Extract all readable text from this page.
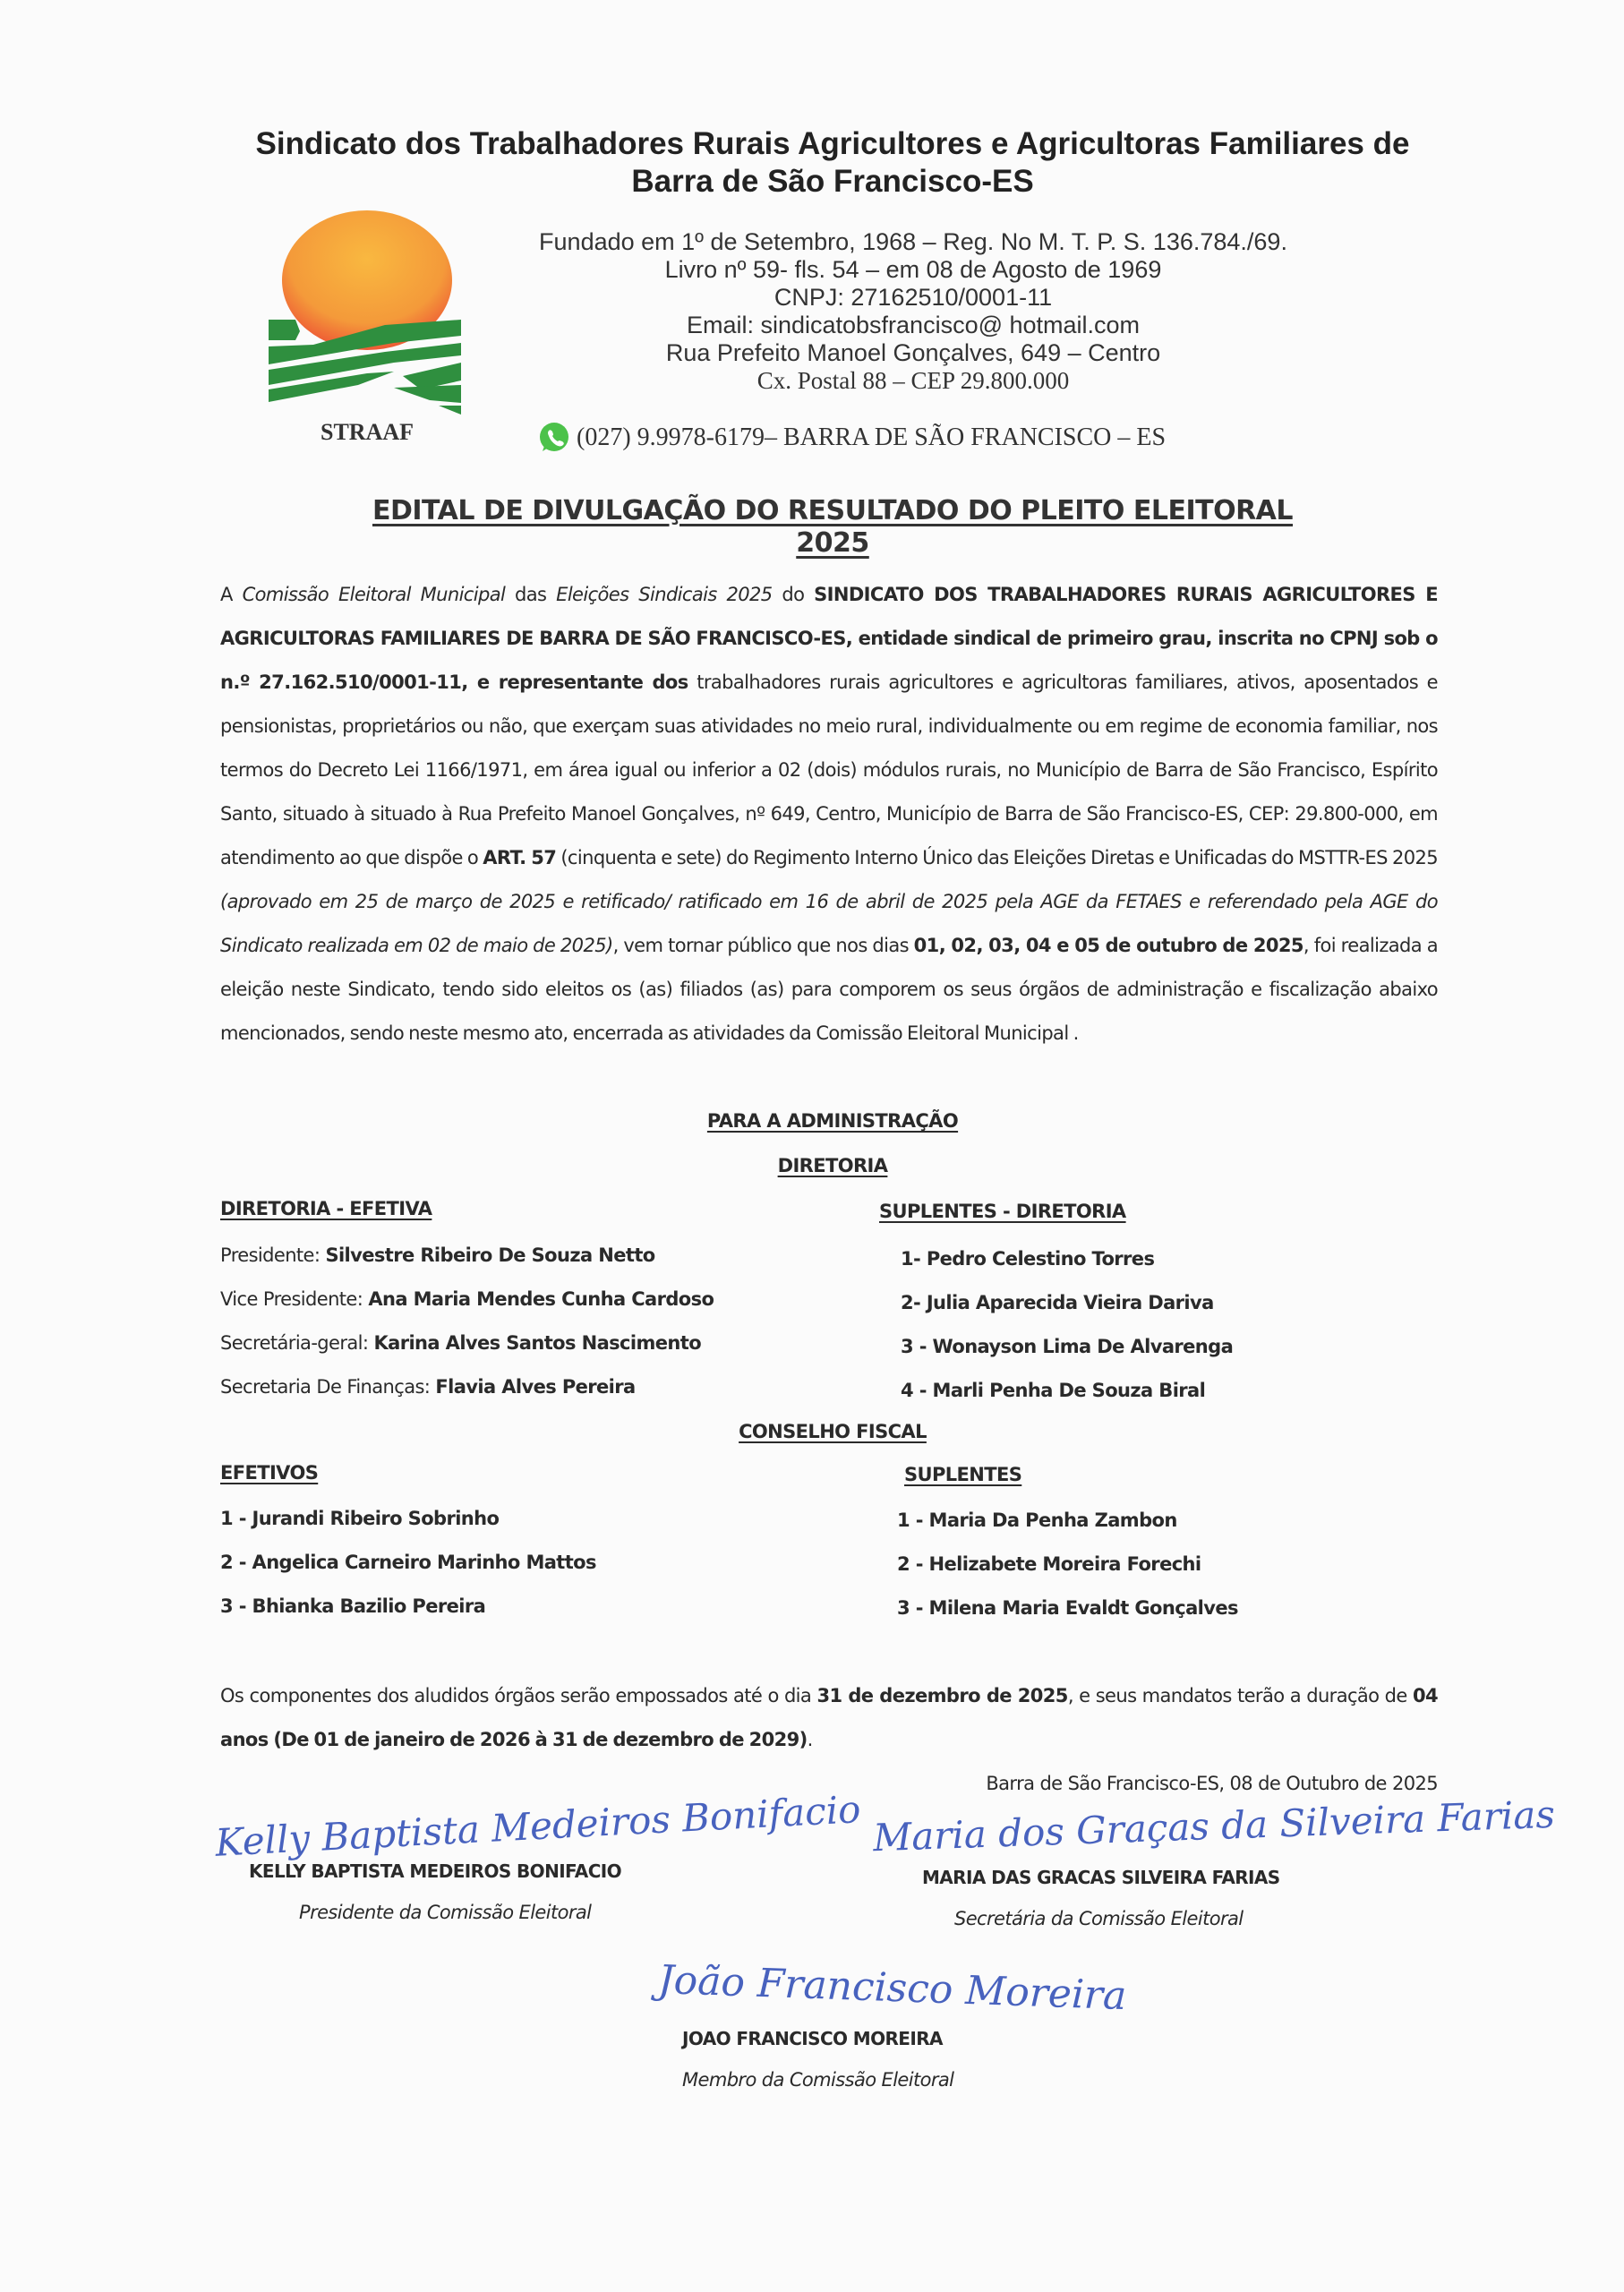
Sindicato dos Trabalhadores Rurais Agricultores e Agricultoras Familiares de
Barra de São Francisco-ES
STRAAF
Fundado em 1º de Setembro, 1968 – Reg. No M. T. P. S. 136.784./69.
Livro nº 59- fls. 54 – em 08 de Agosto de 1969
CNPJ: 27162510/0001-11
Email: sindicatobsfrancisco@ hotmail.com
Rua Prefeito Manoel Gonçalves, 649 – Centro
Cx. Postal 88 – CEP 29.800.000
(027) 9.9978-6179– BARRA DE SÃO FRANCISCO – ES
EDITAL DE DIVULGAÇÃO DO RESULTADO DO PLEITO ELEITORAL 2025
A Comissão Eleitoral Municipal das Eleições Sindicais 2025 do SINDICATO DOS TRABALHADORES RURAIS AGRICULTORES E AGRICULTORAS FAMILIARES DE BARRA DE SÃO FRANCISCO-ES, entidade sindical de primeiro grau, inscrita no CPNJ sob o n.º 27.162.510/0001-11, e representante dos trabalhadores rurais agricultores e agricultoras familiares, ativos, aposentados e pensionistas, proprietários ou não, que exerçam suas atividades no meio rural, individualmente ou em regime de economia familiar, nos termos do Decreto Lei 1166/1971, em área igual ou inferior a 02 (dois) módulos rurais, no Município de Barra de São Francisco, Espírito Santo, situado à situado à Rua Prefeito Manoel Gonçalves, nº 649, Centro, Município de Barra de São Francisco-ES, CEP: 29.800-000, em atendimento ao que dispõe o ART. 57 (cinquenta e sete) do Regimento Interno Único das Eleições Diretas e Unificadas do MSTTR-ES 2025 (aprovado em 25 de março de 2025 e retificado/ ratificado em 16 de abril de 2025 pela AGE da FETAES e referendado pela AGE do Sindicato realizada em 02 de maio de 2025), vem tornar público que nos dias 01, 02, 03, 04 e 05 de outubro de 2025, foi realizada a eleição neste Sindicato, tendo sido eleitos os (as) filiados (as) para comporem os seus órgãos de administração e fiscalização abaixo mencionados, sendo neste mesmo ato, encerrada as atividades da Comissão Eleitoral Municipal .
PARA A ADMINISTRAÇÃO
DIRETORIA
DIRETORIA - EFETIVA
Presidente: Silvestre Ribeiro De Souza Netto
Vice Presidente: Ana Maria Mendes Cunha Cardoso
Secretária-geral: Karina Alves Santos Nascimento
Secretaria De Finanças: Flavia Alves Pereira
SUPLENTES - DIRETORIA
1- Pedro Celestino Torres
2- Julia Aparecida Vieira Dariva
3 - Wonayson Lima De Alvarenga
4 - Marli Penha De Souza Biral
CONSELHO FISCAL
EFETIVOS
1 - Jurandi Ribeiro Sobrinho
2 - Angelica Carneiro Marinho Mattos
3 - Bhianka Bazilio Pereira
SUPLENTES
1 - Maria Da Penha Zambon
2 - Helizabete Moreira Forechi
3 - Milena Maria Evaldt Gonçalves
Os componentes dos aludidos órgãos serão empossados até o dia 31 de dezembro de 2025, e seus mandatos terão a duração de 04 anos (De 01 de janeiro de 2026 à 31 de dezembro de 2029).
Barra de São Francisco-ES, 08 de Outubro de 2025
Kelly Baptista Medeiros Bonifacio
KELLY BAPTISTA MEDEIROS BONIFACIO
Presidente da Comissão Eleitoral
Maria dos Graças da Silveira Farias
MARIA DAS GRACAS SILVEIRA FARIAS
Secretária da Comissão Eleitoral
João Francisco Moreira
JOAO FRANCISCO MOREIRA
Membro da Comissão Eleitoral
